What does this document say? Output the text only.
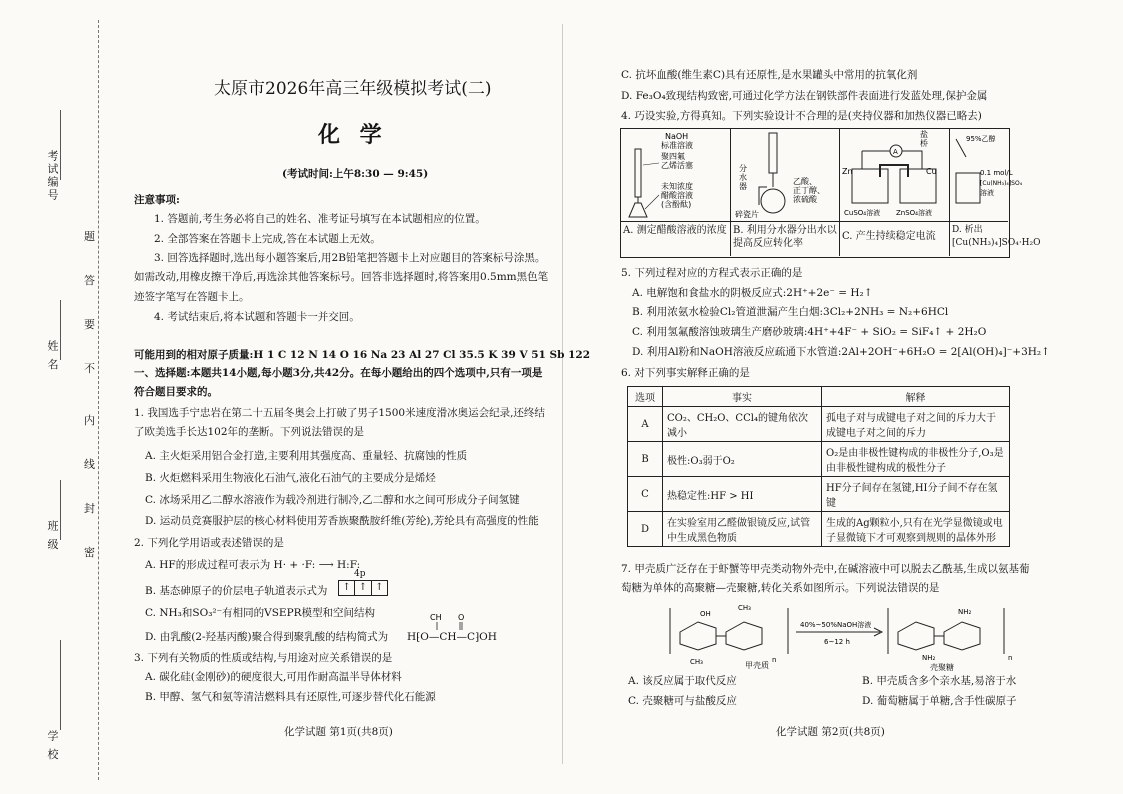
考试编号
姓 名
班 级
学 校
题
答
要
不
内
线
封
密
太原市2026年高三年级模拟考试(二)
化 学
(考试时间:上午8:30 — 9:45)
注意事项:
1. 答题前,考生务必将自己的姓名、准考证号填写在本试题相应的位置。
2. 全部答案在答题卡上完成,答在本试题上无效。
3. 回答选择题时,选出每小题答案后,用2B铅笔把答题卡上对应题目的答案标号涂黑。
如需改动,用橡皮擦干净后,再选涂其他答案标号。回答非选择题时,将答案用0.5mm黑色笔
迹签字笔写在答题卡上。
4. 考试结束后,将本试题和答题卡一并交回。
可能用到的相对原子质量:H 1 C 12 N 14 O 16 Na 23 Al 27 Cl 35.5 K 39 V 51 Sb 122
一、选择题:本题共14小题,每小题3分,共42分。在每小题给出的四个选项中,只有一项是
符合题目要求的。
1. 我国选手宁忠岩在第二十五届冬奥会上打破了男子1500米速度滑冰奥运会纪录,还终结
了欧美选手长达102年的垄断。下列说法错误的是
A. 主火炬采用铝合金打造,主要利用其强度高、重量轻、抗腐蚀的性质
B. 火炬燃料采用生物液化石油气,液化石油气的主要成分是烯烃
C. 冰场采用乙二醇水溶液作为载冷剂进行制冷,乙二醇和水之间可形成分子间氢键
D. 运动员竞赛服护层的核心材料使用芳香族聚酰胺纤维(芳纶),芳纶具有高强度的性能
2. 下列化学用语或表述错误的是
A. HF的形成过程可表示为 H· + ·F: ⟶ H:F:
B. 基态砷原子的价层电子轨道表示式为
4p
↑ ↑ ↑
C. NH₃和SO₃²⁻有相同的VSEPR模型和空间结构
D. 由乳酸(2-羟基丙酸)聚合得到聚乳酸的结构简式为 H⁅O—CH—C⁆OH
CH O
3. 下列有关物质的性质或结构,与用途对应关系错误的是
A. 碳化硅(金刚砂)的硬度很大,可用作耐高温半导体材料
B. 甲醇、氢气和氨等清洁燃料具有还原性,可逐步替代化石能源
化学试题 第1页(共8页)
C. 抗坏血酸(维生素C)具有还原性,是水果罐头中常用的抗氧化剂
D. Fe₃O₄致现结构致密,可通过化学方法在钢铁部件表面进行发蓝处理,保护金属
4. 巧设实验,方得真知。下列实验设计不合理的是(夹持仪器和加热仪器已略去)
NaOH
标准溶液
聚四氟
乙烯活塞
未知浓度
醋酸溶液
(含酚酞)
分
水
器
碎瓷片
乙酸、
正丁醇、
浓硫酸
A
盐
桥
Zn	Cu
CuSO₄溶液 ZnSO₄溶液
95%乙醇
0.1 mol/L
[Cu(NH₃)₄]SO₄
溶液
A. 测定醋酸溶液的浓度 B. 利用分水器分出水以提高反应转化率
C. 产生持续稳定电流
D. 析出[Cu(NH₃)₄]SO₄·H₂O
5. 下列过程对应的方程式表示正确的是
A. 电解饱和食盐水的阴极反应式:2H⁺+2e⁻ = H₂↑
B. 利用浓氨水检验Cl₂管道泄漏产生白烟:3Cl₂+2NH₃ = N₂+6HCl
C. 利用氢氟酸溶蚀玻璃生产磨砂玻璃:4H⁺+4F⁻ + SiO₂ = SiF₄↑ + 2H₂O
D. 利用Al粉和NaOH溶液反应疏通下水管道:2Al+2OH⁻+6H₂O = 2[Al(OH)₄]⁻+3H₂↑
6. 对下列事实解释正确的是
选项	事实	解释
A	CO₂、CH₂O、CCl₄的键角依次减小	孤电子对与成键电子对之间的斥力大于成键电子对之间的斥力
B	极性:O₃弱于O₂	O₂是由非极性键构成的非极性分子,O₃是由非极性键构成的极性分子
C	热稳定性:HF > HI	HF分子间存在氢键,HI分子间不存在氢键
D	在实验室用乙醛做银镜反应,试管中生成黑色物质	生成的Ag颗粒小,只有在光学显微镜或电子显微镜下才可观察到规则的晶体外形
7. 甲壳质广泛存在于虾蟹等甲壳类动物外壳中,在碱溶液中可以脱去乙酰基,生成以氨基葡
萄糖为单体的高聚糖—壳聚糖,转化关系如图所示。下列说法错误的是
CH₃
OH
CH₃	n
甲壳质
40%~50%NaOH溶液
6~12 h
NH₂
NH₂	n
壳聚糖
A. 该反应属于取代反应	B. 甲壳质含多个亲水基,易溶于水
C. 壳聚糖可与盐酸反应	D. 葡萄糖属于单糖,含手性碳原子
化学试题 第2页(共8页)
